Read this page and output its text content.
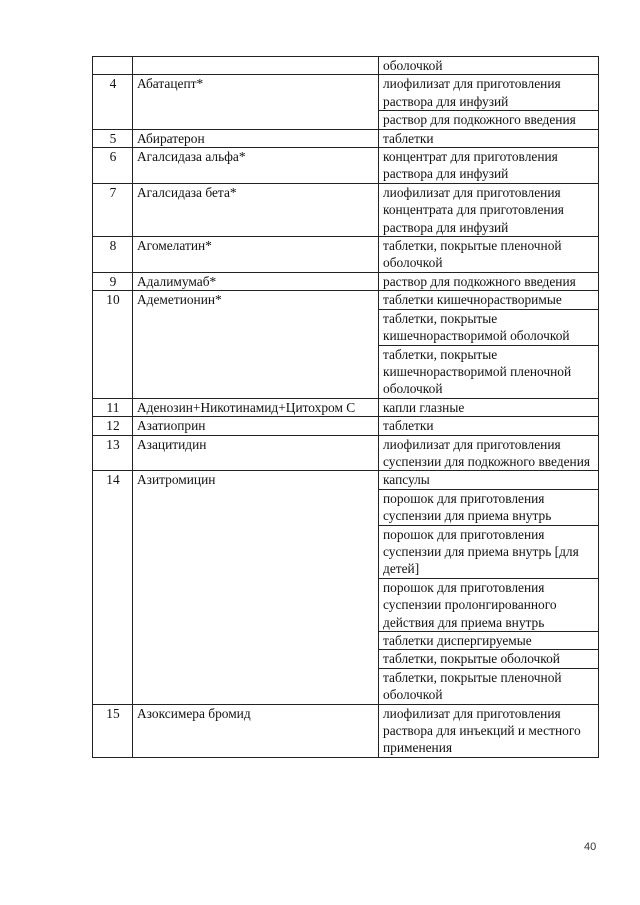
		оболочкой
4	Абатацепт*	лиофилизат для приготовления раствора для инфузий
		раствор для подкожного введения
5	Абиратерон	таблетки
6	Агалсидаза альфа*	концентрат для приготовления раствора для инфузий
7	Агалсидаза бета*	лиофилизат для приготовления концентрата для приготовления раствора для инфузий
8	Агомелатин*	таблетки, покрытые пленочной оболочкой
9	Адалимумаб*	раствор для подкожного введения
10	Адеметионин*	таблетки кишечнорастворимые
		таблетки, покрытые кишечнорастворимой оболочкой
		таблетки, покрытые кишечнорастворимой пленочной оболочкой
11	Аденозин+Никотинамид+Цитохром С	капли глазные
12	Азатиоприн	таблетки
13	Азацитидин	лиофилизат для приготовления суспензии для подкожного введения
14	Азитромицин	капсулы
		порошок для приготовления суспензии для приема внутрь
		порошок для приготовления суспензии для приема внутрь [для детей]
		порошок для приготовления суспензии пролонгированного действия для приема внутрь
		таблетки диспергируемые
		таблетки, покрытые оболочкой
		таблетки, покрытые пленочной оболочкой
15	Азоксимера бромид	лиофилизат для приготовления раствора для инъекций и местного применения
40
